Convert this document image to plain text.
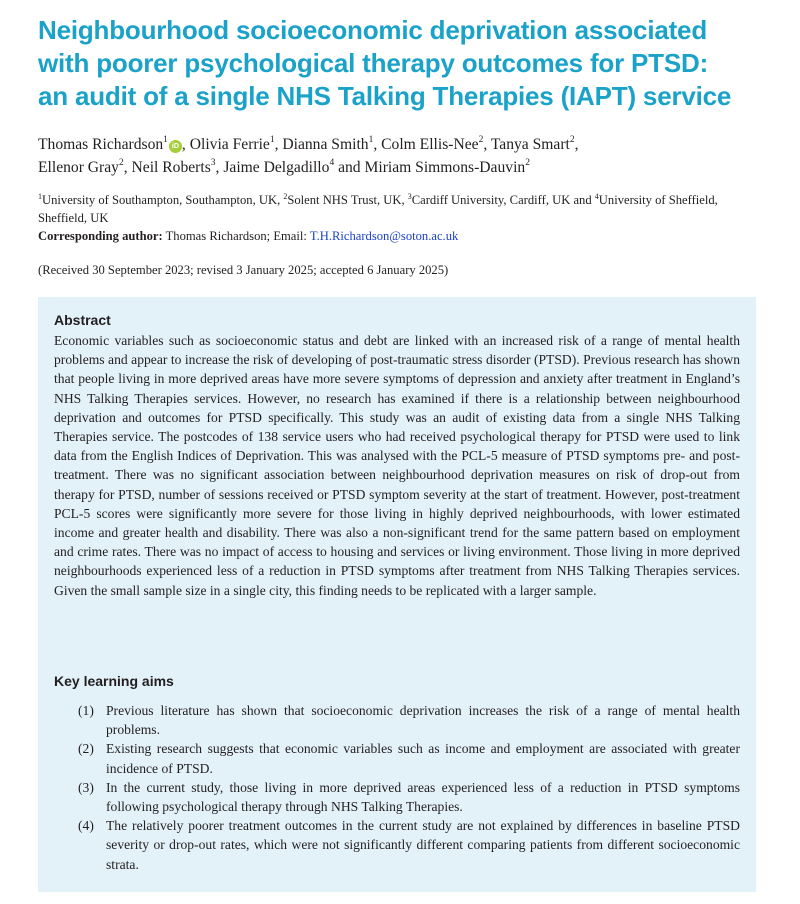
Neighbourhood socioeconomic deprivation associated
with poorer psychological therapy outcomes for PTSD:
an audit of a single NHS Talking Therapies (IAPT) service
Thomas Richardson$^1$iD , Olivia Ferrie$^1$, Dianna Smith$^1$, Colm Ellis-Nee$^2$, Tanya Smart$^2$,
Ellenor Gray$^2$, Neil Roberts$^3$, Jaime Delgadillo$^4$ and Miriam Simmons-Dauvin$^2$
$^1$University of Southampton, Southampton, UK, $^2$Solent NHS Trust, UK, $^3$Cardiff University, Cardiff, UK and $^4$University of Sheffield, Sheffield, UK
Corresponding author: Thomas Richardson; Email: T.H.Richardson@soton.ac.uk
(Received 30 September 2023; revised 3 January 2025; accepted 6 January 2025)
Abstract

Economic variables such as socioeconomic status and debt are linked with an increased risk of a range of mental health problems and appear to increase the risk of developing of post-traumatic stress disorder (PTSD). Previous research has shown that people living in more deprived areas have more severe symptoms of depression and anxiety after treatment in England’s NHS Talking Therapies services. However, no research has examined if there is a relationship between neighbourhood deprivation and outcomes for PTSD specifically. This study was an audit of existing data from a single NHS Talking Therapies service. The postcodes of 138 service users who had received psychological therapy for PTSD were used to link data from the English Indices of Deprivation. This was analysed with the PCL-5 measure of PTSD symptoms pre- and post-treatment. There was no significant association between neighbourhood deprivation measures on risk of drop-out from therapy for PTSD, number of sessions received or PTSD symptom severity at the start of treatment. However, post-treatment PCL-5 scores were significantly more severe for those living in highly deprived neighbourhoods, with lower estimated income and greater health and disability. There was also a non-significant trend for the same pattern based on employment and crime rates. There was no impact of access to housing and services or living environment. Those living in more deprived neighbourhoods experienced less of a reduction in PTSD symptoms after treatment from NHS Talking Therapies services. Given the small sample size in a single city, this finding needs to be replicated with a larger sample.

Key learning aims
(1) Previous literature has shown that socioeconomic deprivation increases the risk of a range of mental health problems.
(2) Existing research suggests that economic variables such as income and employment are associated with greater incidence of PTSD.
(3) In the current study, those living in more deprived areas experienced less of a reduction in PTSD symptoms following psychological therapy through NHS Talking Therapies.
(4) The relatively poorer treatment outcomes in the current study are not explained by differences in baseline PTSD severity or drop-out rates, which were not significantly different comparing patients from different socioeconomic strata.
